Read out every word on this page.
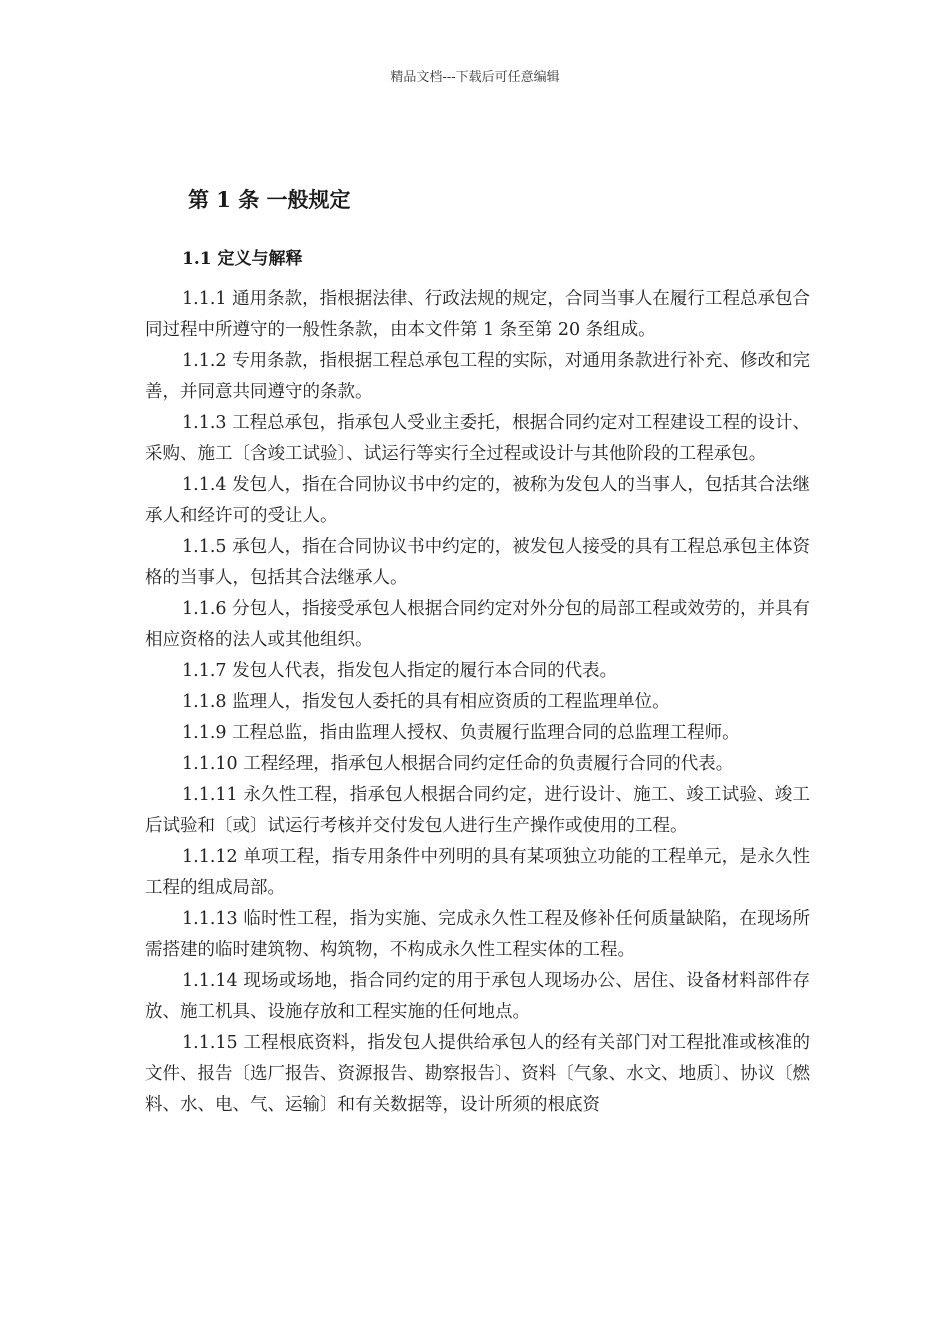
精品文档---下载后可任意编辑
第 1 条 一般规定
1.1 定义与解释

1.1.1 通用条款，指根据法律、行政法规的规定，合同当事人在履行工程总承包合同过程中所遵守的一般性条款，由本文件第 1 条至第 20 条组成。

1.1.2 专用条款，指根据工程总承包工程的实际，对通用条款进行补充、修改和完善，并同意共同遵守的条款。

1.1.3 工程总承包，指承包人受业主委托，根据合同约定对工程建设工程的设计、采购、施工〔含竣工试验〕、试运行等实行全过程或设计与其他阶段的工程承包。

1.1.4 发包人，指在合同协议书中约定的，被称为发包人的当事人，包括其合法继承人和经许可的受让人。

1.1.5 承包人，指在合同协议书中约定的，被发包人接受的具有工程总承包主体资格的当事人，包括其合法继承人。

1.1.6 分包人，指接受承包人根据合同约定对外分包的局部工程或效劳的，并具有相应资格的法人或其他组织。

1.1.7 发包人代表，指发包人指定的履行本合同的代表。

1.1.8 监理人，指发包人委托的具有相应资质的工程监理单位。

1.1.9 工程总监，指由监理人授权、负责履行监理合同的总监理工程师。

1.1.10 工程经理，指承包人根据合同约定任命的负责履行合同的代表。

1.1.11 永久性工程，指承包人根据合同约定，进行设计、施工、竣工试验、竣工后试验和〔或〕试运行考核并交付发包人进行生产操作或使用的工程。

1.1.12 单项工程，指专用条件中列明的具有某项独立功能的工程单元，是永久性工程的组成局部。

1.1.13 临时性工程，指为实施、完成永久性工程及修补任何质量缺陷，在现场所需搭建的临时建筑物、构筑物，不构成永久性工程实体的工程。

1.1.14 现场或场地，指合同约定的用于承包人现场办公、居住、设备材料部件存放、施工机具、设施存放和工程实施的任何地点。

1.1.15 工程根底资料，指发包人提供给承包人的经有关部门对工程批准或核准的文件、报告〔选厂报告、资源报告、勘察报告〕、资料〔气象、水文、地质〕、协议〔燃料、水、电、气、运输〕和有关数据等，设计所须的根底资
